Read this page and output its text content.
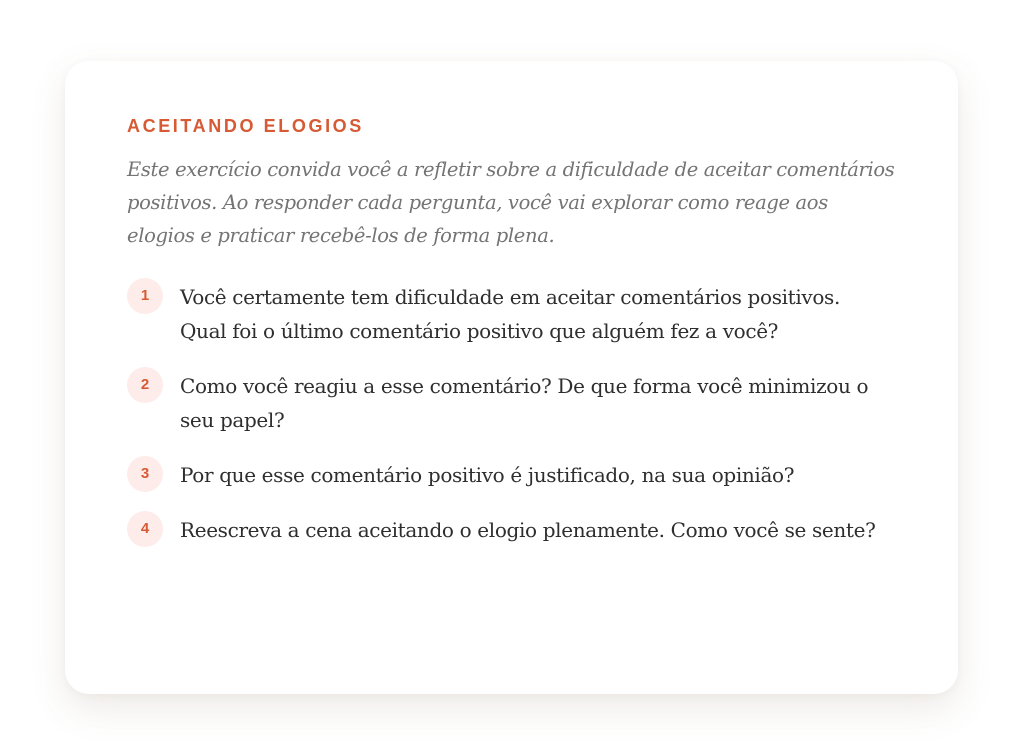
ACEITANDO ELOGIOS

Este exercício convida você a refletir sobre a dificuldade de aceitar comentários positivos. Ao responder cada pergunta, você vai explorar como reage aos elogios e praticar recebê-los de forma plena.

1	Você certamente tem dificuldade em aceitar comentários positivos. Qual foi o último comentário positivo que alguém fez a você?

2	Como você reagiu a esse comentário? De que forma você minimizou o seu papel?

3	Por que esse comentário positivo é justificado, na sua opinião?

4	Reescreva a cena aceitando o elogio plenamente. Como você se sente?
